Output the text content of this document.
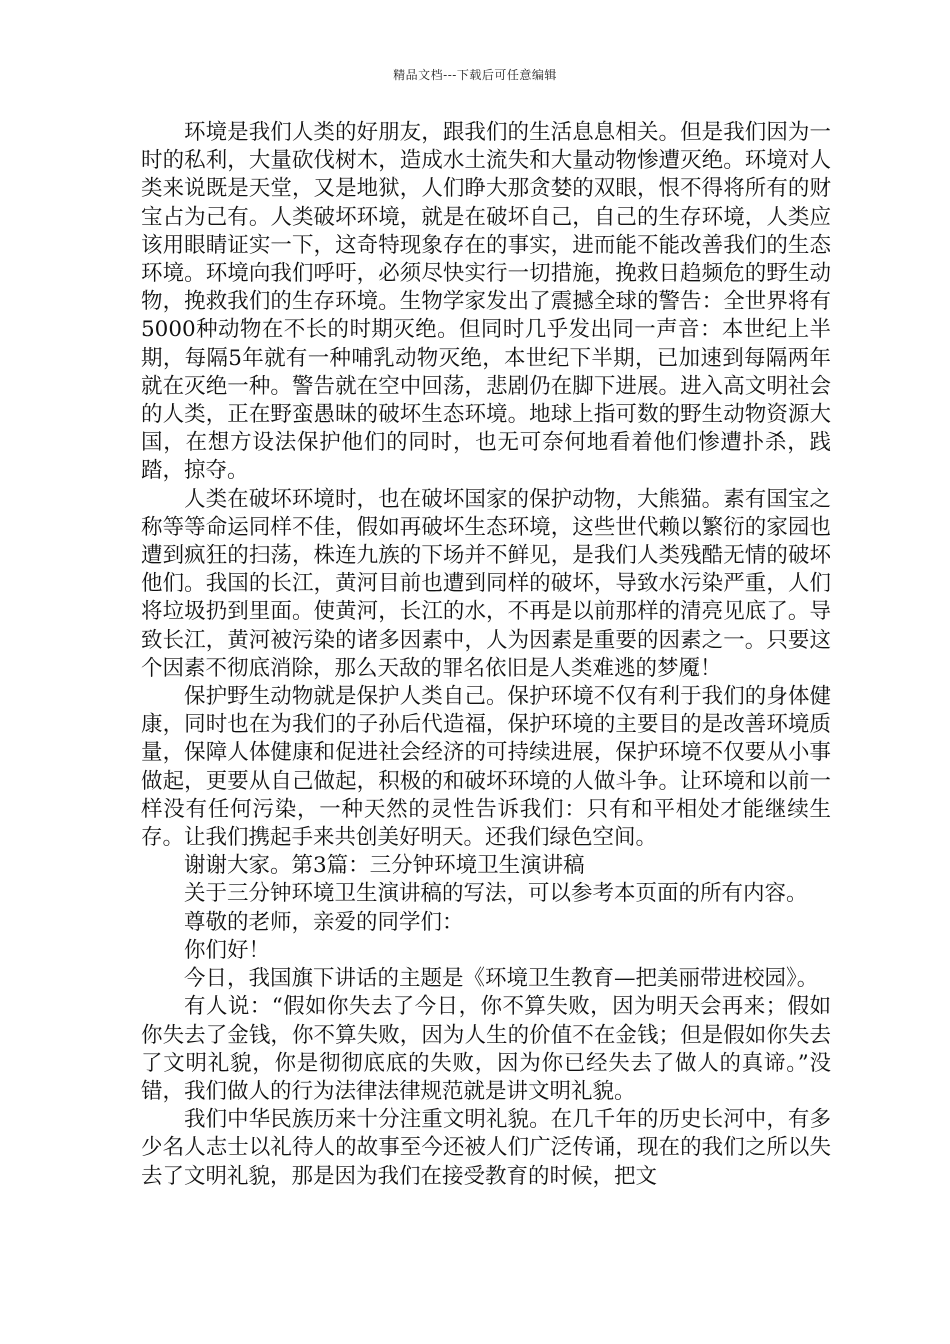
精品文档---下载后可任意编辑

环境是我们人类的好朋友，跟我们的生活息息相关。但是我们因为一时的私利，大量砍伐树木，造成水土流失和大量动物惨遭灭绝。环境对人类来说既是天堂，又是地狱，人们睁大那贪婪的双眼，恨不得将所有的财宝占为己有。人类破坏环境，就是在破坏自己，自己的生存环境，人类应该用眼睛证实一下，这奇特现象存在的事实，进而能不能改善我们的生态环境。环境向我们呼吁，必须尽快实行一切措施，挽救日趋频危的野生动物，挽救我们的生存环境。生物学家发出了震撼全球的警告：全世界将有5000种动物在不长的时期灭绝。但同时几乎发出同一声音：本世纪上半期，每隔5年就有一种哺乳动物灭绝，本世纪下半期，已加速到每隔两年就在灭绝一种。警告就在空中回荡，悲剧仍在脚下进展。进入高文明社会的人类，正在野蛮愚昧的破坏生态环境。地球上指可数的野生动物资源大国，在想方设法保护他们的同时，也无可奈何地看着他们惨遭扑杀，践踏，掠夺。

人类在破坏环境时，也在破坏国家的保护动物，大熊猫。素有国宝之称等等命运同样不佳，假如再破坏生态环境，这些世代赖以繁衍的家园也遭到疯狂的扫荡，株连九族的下场并不鲜见，是我们人类残酷无情的破坏他们。我国的长江，黄河目前也遭到同样的破坏，导致水污染严重，人们将垃圾扔到里面。使黄河，长江的水，不再是以前那样的清亮见底了。导致长江，黄河被污染的诸多因素中，人为因素是重要的因素之一。只要这个因素不彻底消除，那么天敌的罪名依旧是人类难逃的梦魇！

保护野生动物就是保护人类自己。保护环境不仅有利于我们的身体健康，同时也在为我们的子孙后代造福，保护环境的主要目的是改善环境质量，保障人体健康和促进社会经济的可持续进展，保护环境不仅要从小事做起，更要从自己做起，积极的和破坏环境的人做斗争。让环境和以前一样没有任何污染，一种天然的灵性告诉我们：只有和平相处才能继续生存。让我们携起手来共创美好明天。还我们绿色空间。

谢谢大家。第3篇：三分钟环境卫生演讲稿

关于三分钟环境卫生演讲稿的写法，可以参考本页面的所有内容。

尊敬的老师，亲爱的同学们：

你们好！

今日，我国旗下讲话的主题是《环境卫生教育—把美丽带进校园》。

有人说：“假如你失去了今日，你不算失败，因为明天会再来；假如你失去了金钱，你不算失败，因为人生的价值不在金钱；但是假如你失去了文明礼貌，你是彻彻底底的失败，因为你已经失去了做人的真谛。”没错，我们做人的行为法律法律规范就是讲文明礼貌。

我们中华民族历来十分注重文明礼貌。在几千年的历史长河中，有多少名人志士以礼待人的故事至今还被人们广泛传诵，现在的我们之所以失去了文明礼貌，那是因为我们在接受教育的时候，把文
